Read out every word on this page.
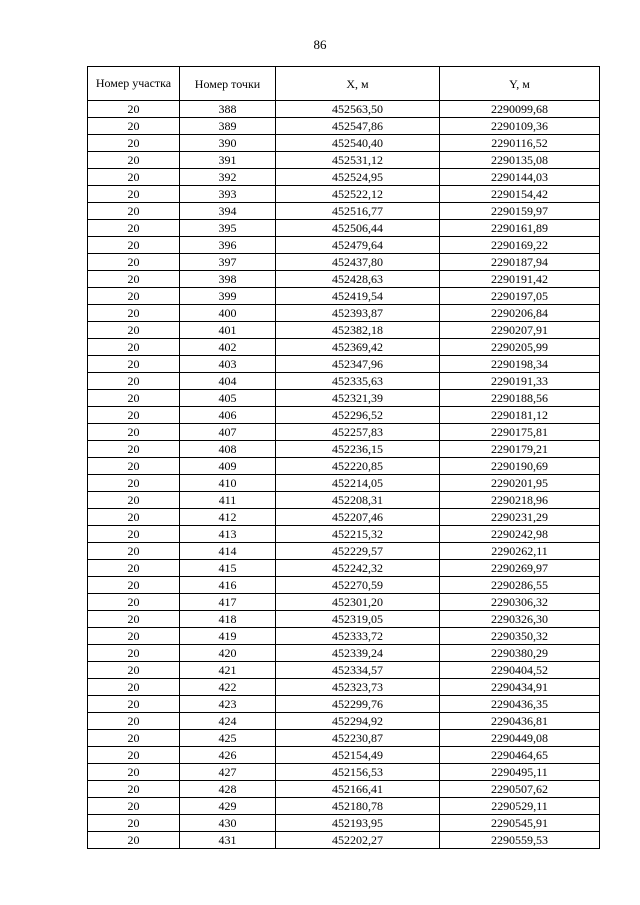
86
Номер участка	Номер точки	X, м	Y, м
20	388	452563,50	2290099,68
20	389	452547,86	2290109,36
20	390	452540,40	2290116,52
20	391	452531,12	2290135,08
20	392	452524,95	2290144,03
20	393	452522,12	2290154,42
20	394	452516,77	2290159,97
20	395	452506,44	2290161,89
20	396	452479,64	2290169,22
20	397	452437,80	2290187,94
20	398	452428,63	2290191,42
20	399	452419,54	2290197,05
20	400	452393,87	2290206,84
20	401	452382,18	2290207,91
20	402	452369,42	2290205,99
20	403	452347,96	2290198,34
20	404	452335,63	2290191,33
20	405	452321,39	2290188,56
20	406	452296,52	2290181,12
20	407	452257,83	2290175,81
20	408	452236,15	2290179,21
20	409	452220,85	2290190,69
20	410	452214,05	2290201,95
20	411	452208,31	2290218,96
20	412	452207,46	2290231,29
20	413	452215,32	2290242,98
20	414	452229,57	2290262,11
20	415	452242,32	2290269,97
20	416	452270,59	2290286,55
20	417	452301,20	2290306,32
20	418	452319,05	2290326,30
20	419	452333,72	2290350,32
20	420	452339,24	2290380,29
20	421	452334,57	2290404,52
20	422	452323,73	2290434,91
20	423	452299,76	2290436,35
20	424	452294,92	2290436,81
20	425	452230,87	2290449,08
20	426	452154,49	2290464,65
20	427	452156,53	2290495,11
20	428	452166,41	2290507,62
20	429	452180,78	2290529,11
20	430	452193,95	2290545,91
20	431	452202,27	2290559,53
